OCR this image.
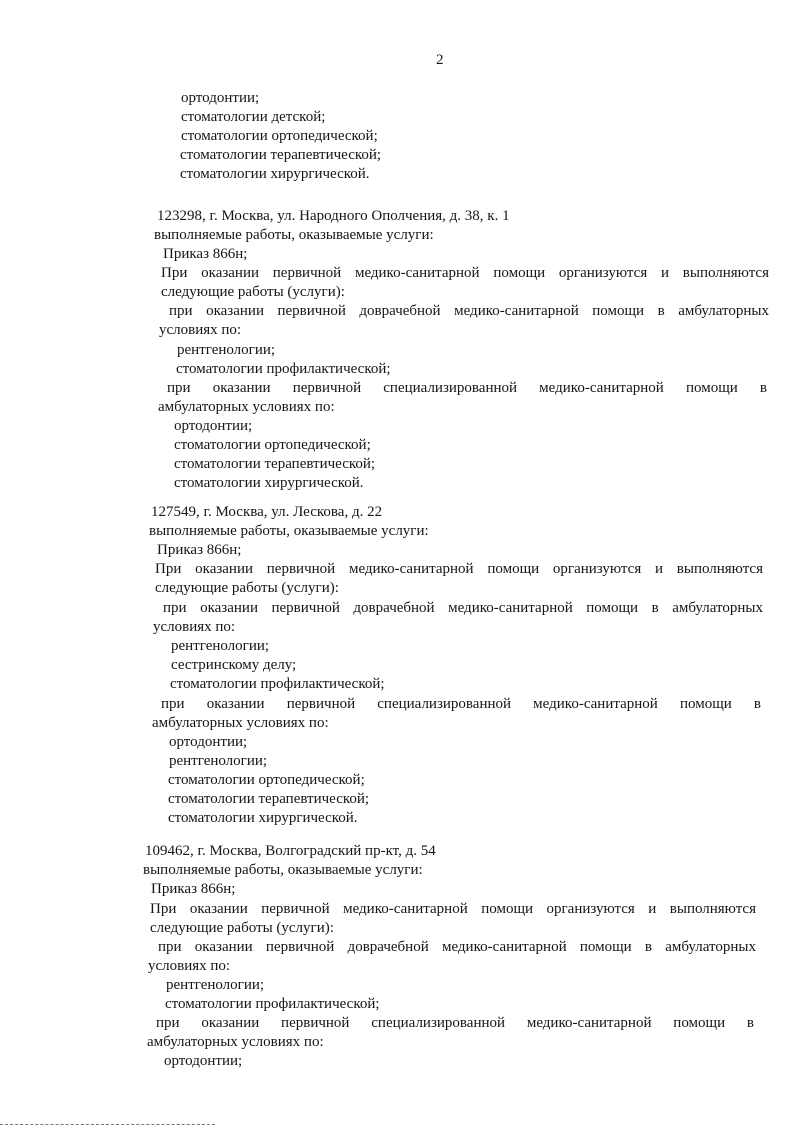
2
ортодонтии;
стоматологии детской;
стоматологии ортопедической;
стоматологии терапевтической;
стоматологии хирургической.
123298, г. Москва, ул. Народного Ополчения, д. 38, к. 1
выполняемые работы, оказываемые услуги:
Приказ 866н;
При оказании первичной медико-санитарной помощи организуются и выполняются
следующие работы (услуги):
при оказании первичной доврачебной медико-санитарной помощи в амбулаторных
условиях по:
рентгенологии;
стоматологии профилактической;
при оказании первичной специализированной медико-санитарной помощи в
амбулаторных условиях по:
ортодонтии;
стоматологии ортопедической;
стоматологии терапевтической;
стоматологии хирургической.
127549, г. Москва, ул. Лескова, д. 22
выполняемые работы, оказываемые услуги:
Приказ 866н;
При оказании первичной медико-санитарной помощи организуются и выполняются
следующие работы (услуги):
при оказании первичной доврачебной медико-санитарной помощи в амбулаторных
условиях по:
рентгенологии;
сестринскому делу;
стоматологии профилактической;
при оказании первичной специализированной медико-санитарной помощи в
амбулаторных условиях по:
ортодонтии;
рентгенологии;
стоматологии ортопедической;
стоматологии терапевтической;
стоматологии хирургической.
109462, г. Москва, Волгоградский пр-кт, д. 54
выполняемые работы, оказываемые услуги:
Приказ 866н;
При оказании первичной медико-санитарной помощи организуются и выполняются
следующие работы (услуги):
при оказании первичной доврачебной медико-санитарной помощи в амбулаторных
условиях по:
рентгенологии;
стоматологии профилактической;
при оказании первичной специализированной медико-санитарной помощи в
амбулаторных условиях по:
ортодонтии;
